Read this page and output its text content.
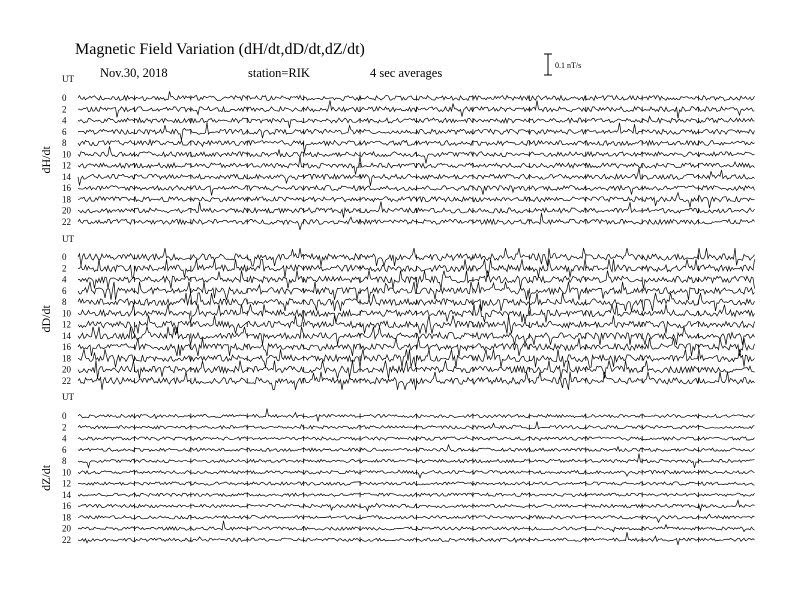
Magnetic Field Variation (dH/dt,dD/dt,dZ/dt)
Nov.30, 2018	station=RIK	4 sec averages
0.1 nT/s
UT
dH/dt
0
2
4
6
8
10
12
14
16
18
20
22
UT
dD/dt
0
2
4
6
8
10
12
14
16
18
20
22
UT
dZ/dt
0
2
4
6
8
10
12
14
16
18
20
22
